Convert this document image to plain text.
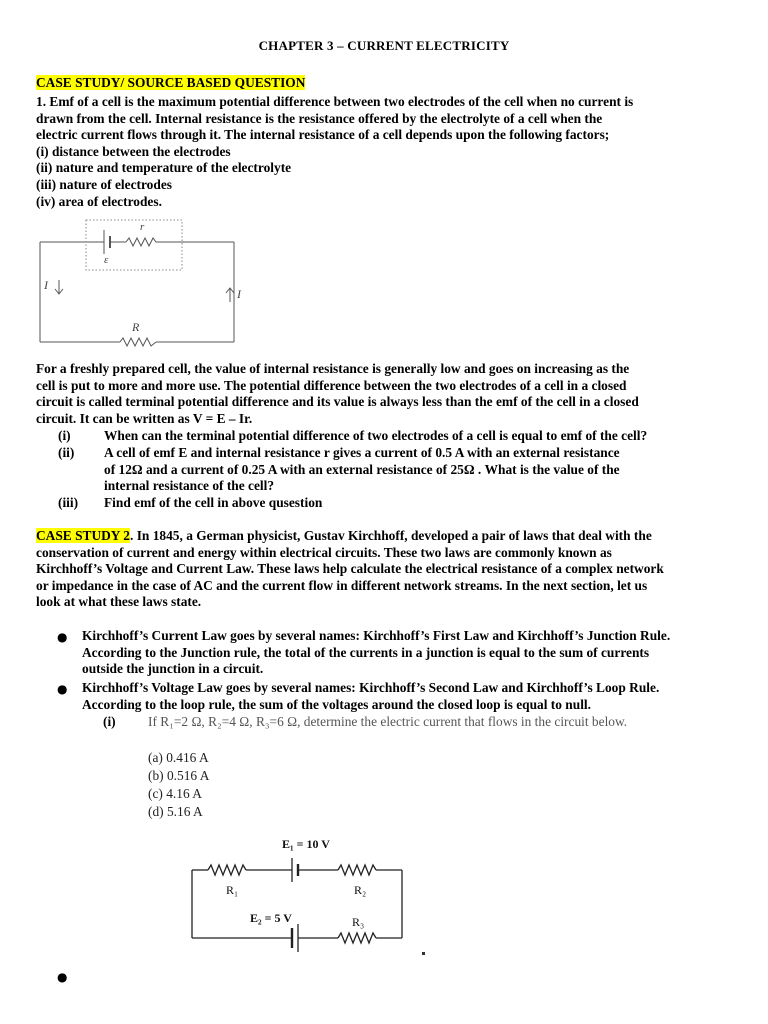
CHAPTER 3 – CURRENT ELECTRICITY
CASE STUDY/ SOURCE BASED QUESTION
1. Emf of a cell is the maximum potential difference between two electrodes of the cell when no current is
drawn from the cell. Internal resistance is the resistance offered by the electrolyte of a cell when the
electric current flows through it. The internal resistance of a cell depends upon the following factors;
(i) distance between the electrodes
(ii) nature and temperature of the electrolyte
(iii) nature of electrodes
(iv) area of electrodes.
r
ε
I
I
R
For a freshly prepared cell, the value of internal resistance is generally low and goes on increasing as the
cell is put to more and more use. The potential difference between the two electrodes of a cell in a closed
circuit is called terminal potential difference and its value is always less than the emf of the cell in a closed
circuit. It can be written as V = E – Ir.
(i)	When can the terminal potential difference of two electrodes of a cell is equal to emf of the cell?
(ii)	A cell of emf E and internal resistance r gives a current of 0.5 A with an external resistance
of 12Ω and a current of 0.25 A with an external resistance of 25Ω . What is the value of the
internal resistance of the cell?
(iii)	Find emf of the cell in above qusestion
CASE STUDY 2. In 1845, a German physicist, Gustav Kirchhoff, developed a pair of laws that deal with the
conservation of current and energy within electrical circuits. These two laws are commonly known as
Kirchhoff’s Voltage and Current Law. These laws help calculate the electrical resistance of a complex network
or impedance in the case of AC and the current flow in different network streams. In the next section, let us
look at what these laws state.
● Kirchhoff’s Current Law goes by several names: Kirchhoff’s First Law and Kirchhoff’s Junction Rule.
According to the Junction rule, the total of the currents in a junction is equal to the sum of currents
outside the junction in a circuit.
● Kirchhoff’s Voltage Law goes by several names: Kirchhoff’s Second Law and Kirchhoff’s Loop Rule.
According to the loop rule, the sum of the voltages around the closed loop is equal to null.
(i) If R₁=2 Ω, R₂=4 Ω, R₃=6 Ω, determine the electric current that flows in the circuit below.
(a) 0.416 A
(b) 0.516 A
(c) 4.16 A
(d) 5.16 A
E₁ = 10 V
R₁	R₂
E₂ = 5 V	R₃
●
